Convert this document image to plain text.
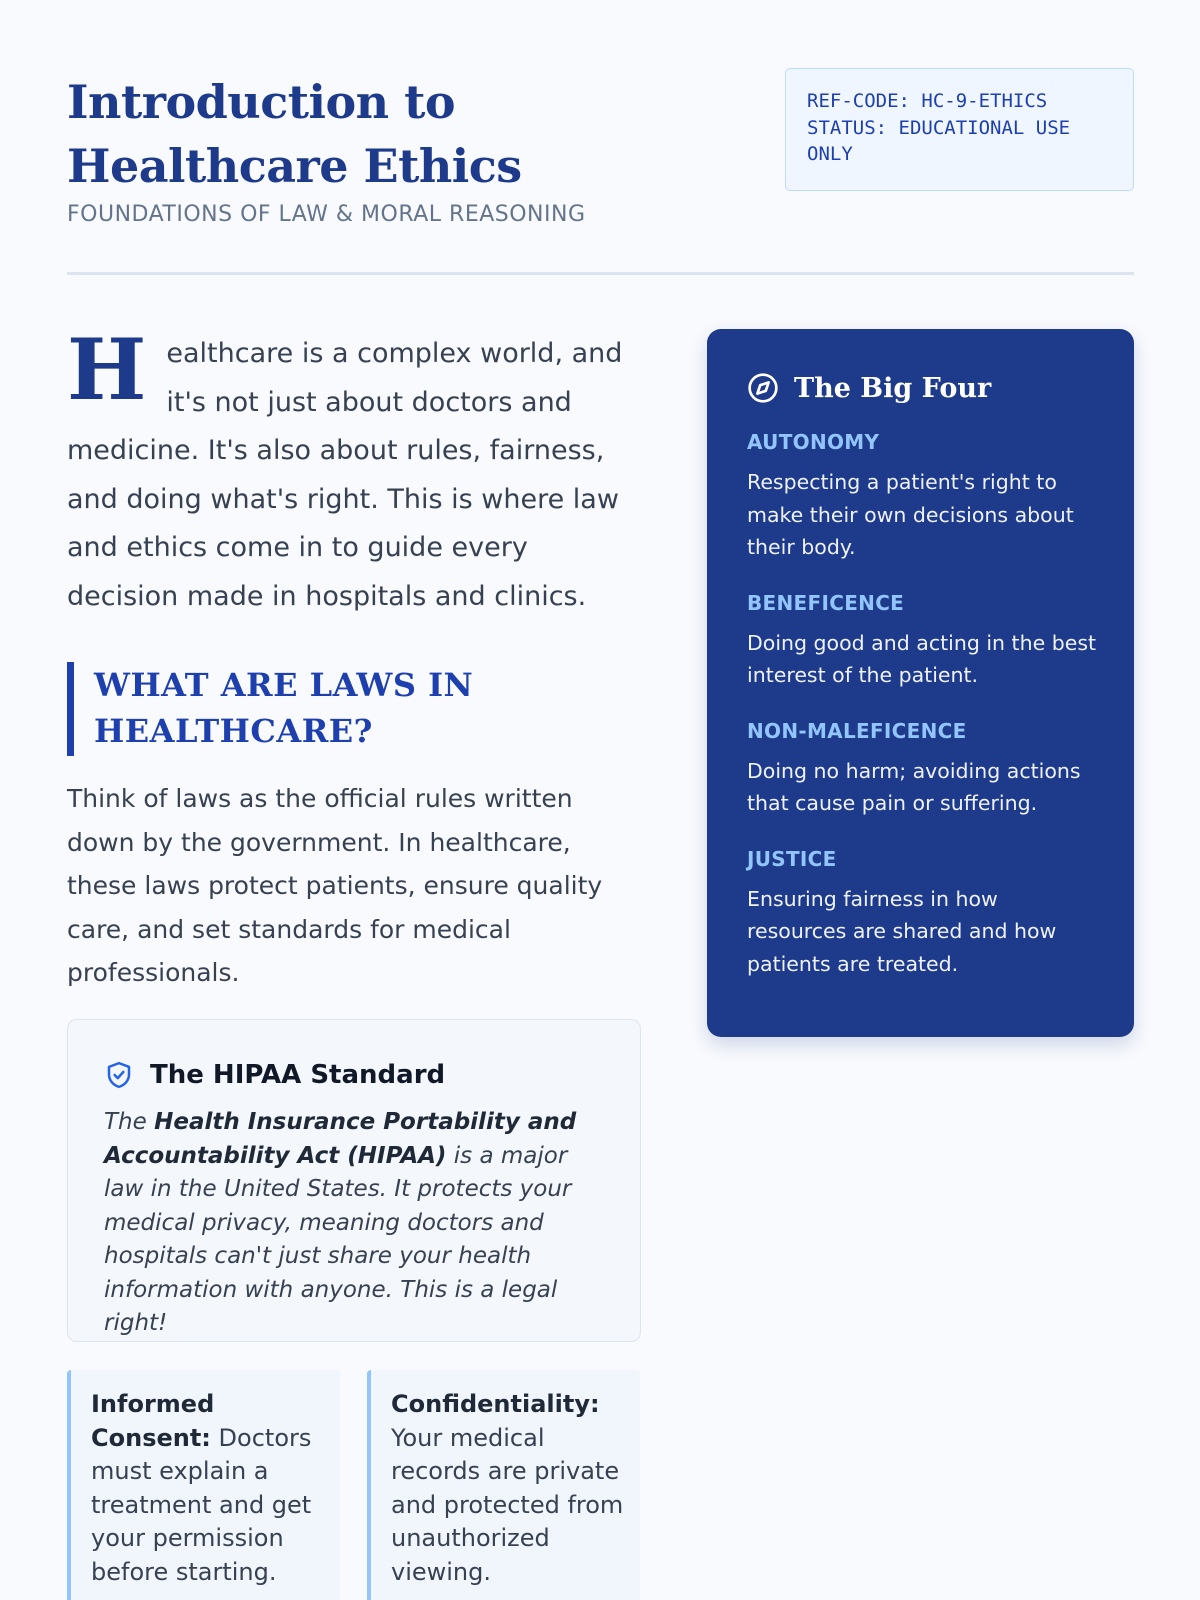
Introduction to Healthcare Ethics
FOUNDATIONS OF LAW & MORAL REASONING
REF-CODE: HC-9-ETHICS
STATUS: EDUCATIONAL USE
ONLY
H ealthcare is a complex world, and it's not just about doctors and medicine. It's also about rules, fairness, and doing what's right. This is where law and ethics come in to guide every decision made in hospitals and clinics.
WHAT ARE LAWS IN HEALTHCARE?

Think of laws as the official rules written down by the government. In healthcare, these laws protect patients, ensure quality care, and set standards for medical professionals.

The HIPAA Standard

The Health Insurance Portability and Accountability Act (HIPAA) is a major law in the United States. It protects your medical privacy, meaning doctors and hospitals can't just share your health information with anyone. This is a legal right!

Informed Consent: Doctors must explain a treatment and get your permission before starting.
Confidentiality: Your medical records are private and protected from unauthorized viewing.
The Big Four
AUTONOMY
Respecting a patient's right to make their own decisions about their body.
BENEFICENCE
Doing good and acting in the best interest of the patient.
NON-MALEFICENCE
Doing no harm; avoiding actions that cause pain or suffering.
JUSTICE
Ensuring fairness in how resources are shared and how patients are treated.
